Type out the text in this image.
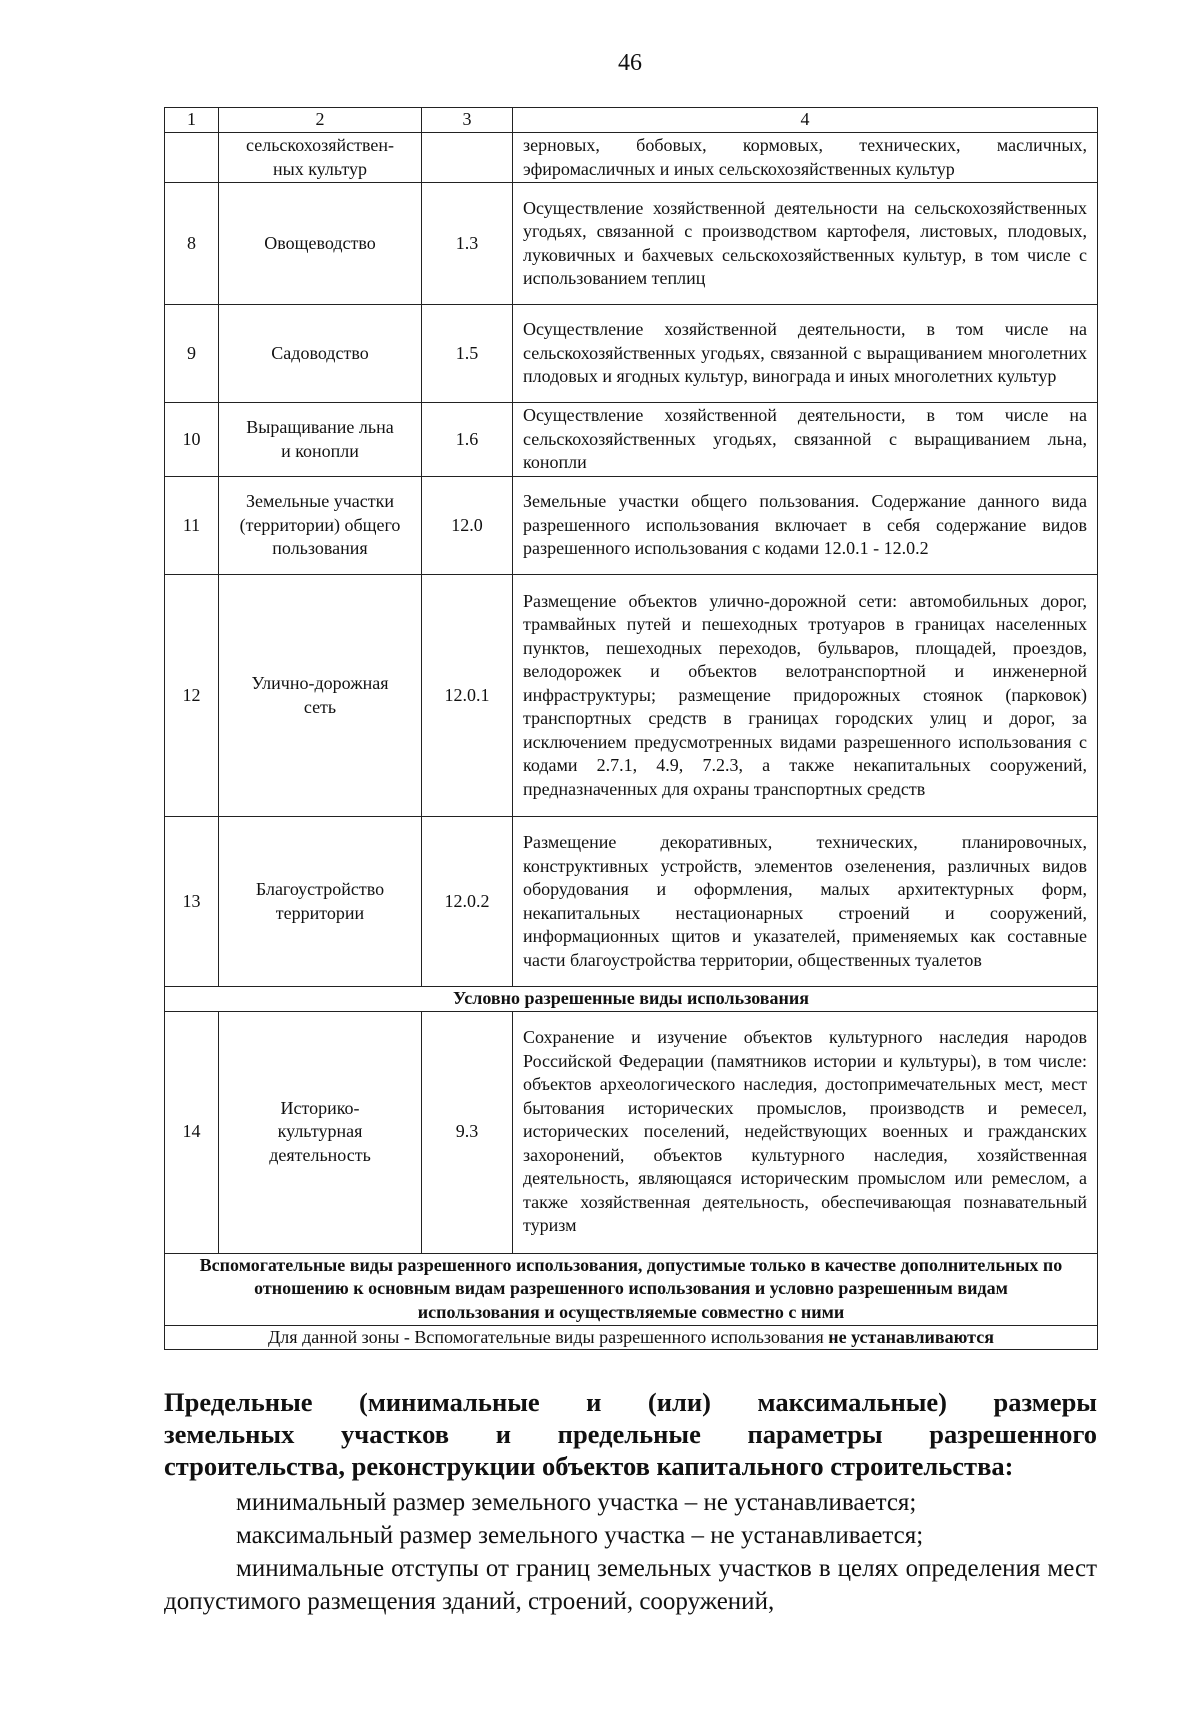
46
1	2	3	4
	сельскохозяйствен-ных культур		зерновых, бобовых, кормовых, технических, масличных, эфиромасличных и иных сельскохозяйственных культур
8	Овощеводство	1.3	Осуществление хозяйственной деятельности на сельскохозяйственных угодьях, связанной с производством картофеля, листовых, плодовых, луковичных и бахчевых сельскохозяйственных культур, в том числе с использованием теплиц
9	Садоводство	1.5	Осуществление хозяйственной деятельности, в том числе на сельскохозяйственных угодьях, связанной с выращиванием многолетних плодовых и ягодных культур, винограда и иных многолетних культур
10	Выращивание льна и конопли	1.6	Осуществление хозяйственной деятельности, в том числе на сельскохозяйственных угодьях, связанной с выращиванием льна, конопли
11	Земельные участки (территории) общего пользования	12.0	Земельные участки общего пользования. Содержание данного вида разрешенного использования включает в себя содержание видов разрешенного использования с кодами 12.0.1 - 12.0.2
12	Улично-дорожная сеть	12.0.1	Размещение объектов улично-дорожной сети: автомобильных дорог, трамвайных путей и пешеходных тротуаров в границах населенных пунктов, пешеходных переходов, бульваров, площадей, проездов, велодорожек и объектов велотранспортной и инженерной инфраструктуры; размещение придорожных стоянок (парковок) транспортных средств в границах городских улиц и дорог, за исключением предусмотренных видами разрешенного использования с кодами 2.7.1, 4.9, 7.2.3, а также некапитальных сооружений, предназначенных для охраны транспортных средств
13	Благоустройство территории	12.0.2	Размещение декоративных, технических, планировочных, конструктивных устройств, элементов озеленения, различных видов оборудования и оформления, малых архитектурных форм, некапитальных нестационарных строений и сооружений, информационных щитов и указателей, применяемых как составные части благоустройства территории, общественных туалетов
Условно разрешенные виды использования			
14	Историко-культурная деятельность	9.3	Сохранение и изучение объектов культурного наследия народов Российской Федерации (памятников истории и культуры), в том числе: объектов археологического наследия, достопримечательных мест, мест бытования исторических промыслов, производств и ремесел, исторических поселений, недействующих военных и гражданских захоронений, объектов культурного наследия, хозяйственная деятельность, являющаяся историческим промыслом или ремеслом, а также хозяйственная деятельность, обеспечивающая познавательный туризм
Вспомогательные виды разрешенного использования, допустимые только в качестве дополнительных по отношению к основным видам разрешенного использования и условно разрешенным видам использования и осуществляемые совместно с ними			
Для данной зоны - Вспомогательные виды разрешенного использования не устанавливаются			
Предельные (минимальные и (или) максимальные) размеры
земельных участков и предельные параметры разрешенного
строительства, реконструкции объектов капитального строительства:
минимальный размер земельного участка – не устанавливается;
максимальный размер земельного участка – не устанавливается;
минимальные отступы от границ земельных участков в целях определения мест допустимого размещения зданий, строений, сооружений,
